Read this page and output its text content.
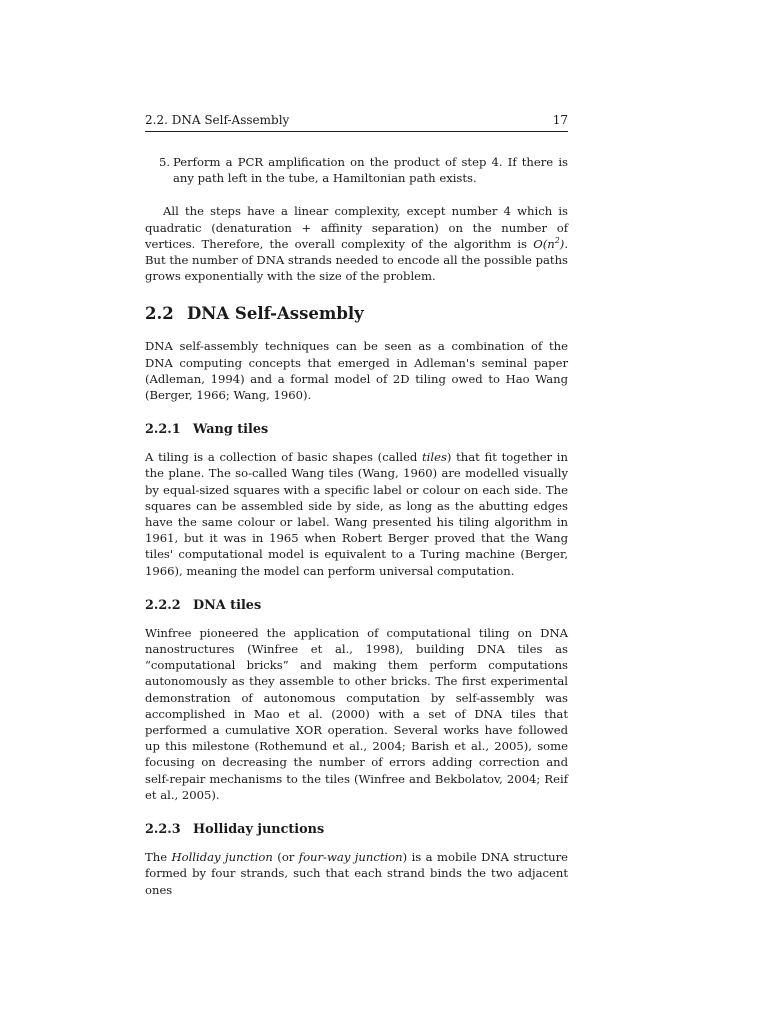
2.2. DNA Self-Assembly	17
5. Perform a PCR amplification on the product of step 4. If there is any path left in the tube, a Hamiltonian path exists.

All the steps have a linear complexity, except number 4 which is quadratic (denaturation + affinity separation) on the number of vertices. Therefore, the overall complexity of the algorithm is $O(n^2)$. But the number of DNA strands needed to encode all the possible paths grows exponentially with the size of the problem.

2.2 DNA Self-Assembly

DNA self-assembly techniques can be seen as a combination of the DNA computing concepts that emerged in Adleman's seminal paper (Adleman, 1994) and a formal model of 2D tiling owed to Hao Wang (Berger, 1966; Wang, 1960).

2.2.1 Wang tiles

A tiling is a collection of basic shapes (called tiles) that fit together in the plane. The so-called Wang tiles (Wang, 1960) are modelled visually by equal-sized squares with a specific label or colour on each side. The squares can be assembled side by side, as long as the abutting edges have the same colour or label. Wang presented his tiling algorithm in 1961, but it was in 1965 when Robert Berger proved that the Wang tiles' computational model is equivalent to a Turing machine (Berger, 1966), meaning the model can perform universal computation.

2.2.2 DNA tiles

Winfree pioneered the application of computational tiling on DNA nanostructures (Winfree et al., 1998), building DNA tiles as “computational bricks” and making them perform computations autonomously as they assemble to other bricks. The first experimental demonstration of autonomous computation by self-assembly was accomplished in Mao et al. (2000) with a set of DNA tiles that performed a cumulative XOR operation. Several works have followed up this milestone (Rothemund et al., 2004; Barish et al., 2005), some focusing on decreasing the number of errors adding correction and self-repair mechanisms to the tiles (Winfree and Bekbolatov, 2004; Reif et al., 2005).

2.2.3 Holliday junctions

The Holliday junction (or four-way junction) is a mobile DNA structure formed by four strands, such that each strand binds the two adjacent ones
